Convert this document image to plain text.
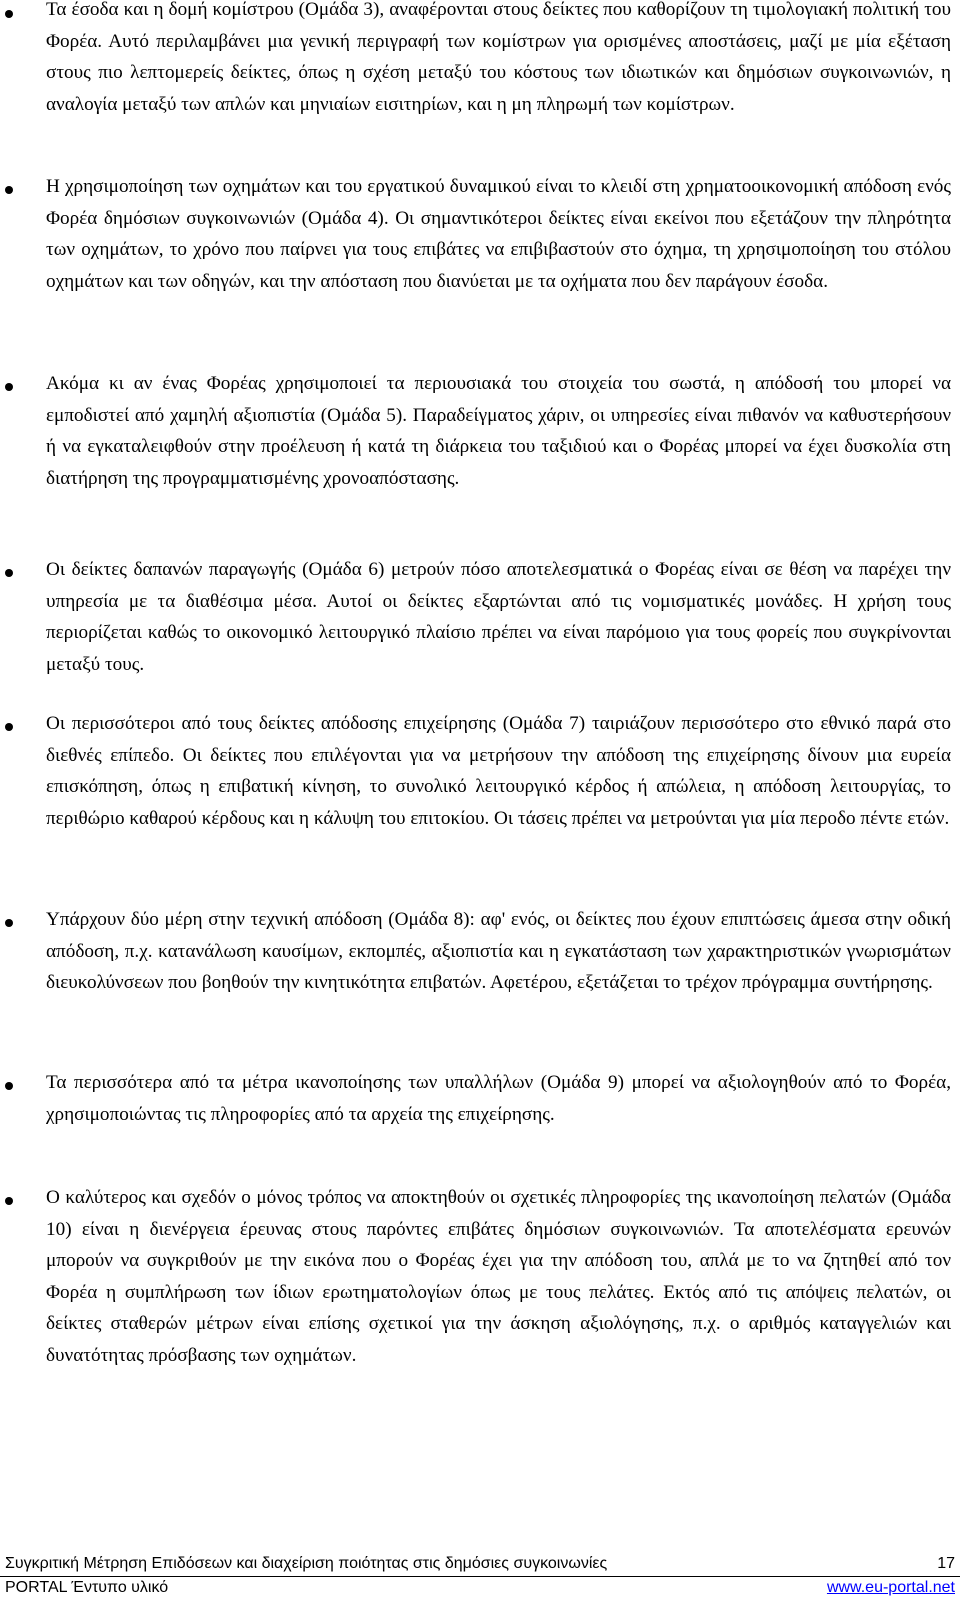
Τα έσοδα και η δομή κομίστρου (Ομάδα 3), αναφέρονται στους δείκτες που καθορίζουν τη τιμολογιακή πολιτική του Φορέα. Αυτό περιλαμβάνει μια γενική περιγραφή των κομίστρων για ορισμένες αποστάσεις, μαζί με μία εξέταση στους πιο λεπτομερείς δείκτες, όπως η σχέση μεταξύ του κόστους των ιδιωτικών και δημόσιων συγκοινωνιών, η αναλογία μεταξύ των απλών και μηνιαίων εισιτηρίων, και η μη πληρωμή των κομίστρων.

Η χρησιμοποίηση των οχημάτων και του εργατικού δυναμικού είναι το κλειδί στη χρηματοοικονομική απόδοση ενός Φορέα δημόσιων συγκοινωνιών (Ομάδα 4). Οι σημαντικότεροι δείκτες είναι εκείνοι που εξετάζουν την πληρότητα των οχημάτων, το χρόνο που παίρνει για τους επιβάτες να επιβιβαστούν στο όχημα, τη χρησιμοποίηση του στόλου οχημάτων και των οδηγών, και την απόσταση που διανύεται με τα οχήματα που δεν παράγουν έσοδα.

Ακόμα κι αν ένας Φορέας χρησιμοποιεί τα περιουσιακά του στοιχεία του σωστά, η απόδοσή του μπορεί να εμποδιστεί από χαμηλή αξιοπιστία (Ομάδα 5). Παραδείγματος χάριν, οι υπηρεσίες είναι πιθανόν να καθυστερήσουν ή να εγκαταλειφθούν στην προέλευση ή κατά τη διάρκεια του ταξιδιού και ο Φορέας μπορεί να έχει δυσκολία στη διατήρηση της προγραμματισμένης χρονοαπόστασης.

Οι δείκτες δαπανών παραγωγής (Ομάδα 6) μετρούν πόσο αποτελεσματικά ο Φορέας είναι σε θέση να παρέχει την υπηρεσία με τα διαθέσιμα μέσα. Αυτοί οι δείκτες εξαρτώνται από τις νομισματικές μονάδες. Η χρήση τους περιορίζεται καθώς το οικονομικό λειτουργικό πλαίσιο πρέπει να είναι παρόμοιο για τους φορείς που συγκρίνονται μεταξύ τους.

Οι περισσότεροι από τους δείκτες απόδοσης επιχείρησης (Ομάδα 7) ταιριάζουν περισσότερο στο εθνικό παρά στο διεθνές επίπεδο. Οι δείκτες που επιλέγονται για να μετρήσουν την απόδοση της επιχείρησης δίνουν μια ευρεία επισκόπηση, όπως η επιβατική κίνηση, το συνολικό λειτουργικό κέρδος ή απώλεια, η απόδοση λειτουργίας, το περιθώριο καθαρού κέρδους και η κάλυψη του επιτοκίου. Οι τάσεις πρέπει να μετρούνται για μία περοδο πέντε ετών.

Υπάρχουν δύο μέρη στην τεχνική απόδοση (Ομάδα 8): αφ' ενός, οι δείκτες που έχουν επιπτώσεις άμεσα στην οδική απόδοση, π.χ. κατανάλωση καυσίμων, εκπομπές, αξιοπιστία και η εγκατάσταση των χαρακτηριστικών γνωρισμάτων διευκολύνσεων που βοηθούν την κινητικότητα επιβατών. Αφετέρου, εξετάζεται το τρέχον πρόγραμμα συντήρησης.

Τα περισσότερα από τα μέτρα ικανοποίησης των υπαλλήλων (Ομάδα 9) μπορεί να αξιολογηθούν από το Φορέα, χρησιμοποιώντας τις πληροφορίες από τα αρχεία της επιχείρησης.

Ο καλύτερος και σχεδόν ο μόνος τρόπος να αποκτηθούν οι σχετικές πληροφορίες της ικανοποίηση πελατών (Ομάδα 10) είναι η διενέργεια έρευνας στους παρόντες επιβάτες δημόσιων συγκοινωνιών. Τα αποτελέσματα ερευνών μπορούν να συγκριθούν με την εικόνα που ο Φορέας έχει για την απόδοση του, απλά με το να ζητηθεί από τον Φορέα η συμπλήρωση των ίδιων ερωτηματολογίων όπως με τους πελάτες. Εκτός από τις απόψεις πελατών, οι δείκτες σταθερών μέτρων είναι επίσης σχετικοί για την άσκηση αξιολόγησης, π.χ. ο αριθμός καταγγελιών και δυνατότητας πρόσβασης των οχημάτων.

Συγκριτική Μέτρηση Επιδόσεων και διαχείριση ποιότητας στις δημόσιες συγκοινωνίες	17
PORTAL Έντυπο υλικό	www.eu-portal.net
